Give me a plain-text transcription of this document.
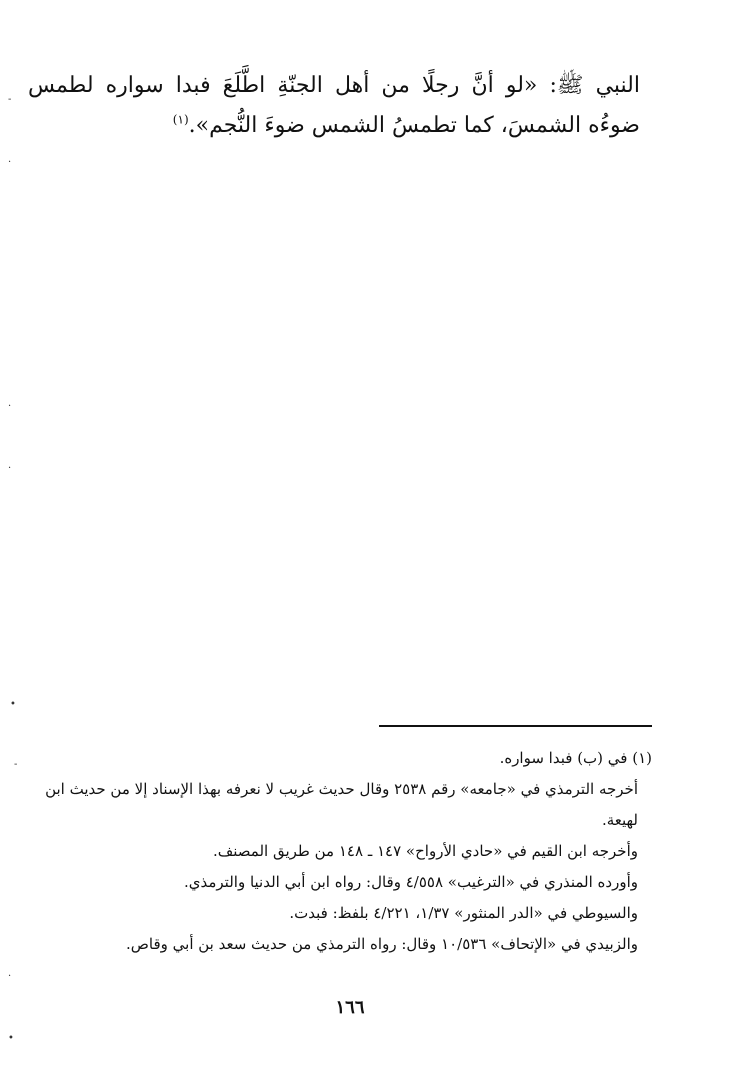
النبي ﷺ: «لو أنَّ رجلًا من أهل الجنّةِ اطَّلَعَ فبدا سواره لطمس ضوءُه الشمسَ، كما تطمسُ الشمس ضوءَ النُّجم».$^{(١)}$

(١) في (ب) فبدا سواره.
أخرجه الترمذي في «جامعه» رقم ٢٥٣٨ وقال حديث غريب لا نعرفه بهذا الإسناد إلا من حديث ابن
لهيعة.
وأخرجه ابن القيم في «حادي الأرواح» ١٤٧ ـ ١٤٨ من طريق المصنف.
وأورده المنذري في «الترغيب» ٤/٥٥٨ وقال: رواه ابن أبي الدنيا والترمذي.
والسيوطي في «الدر المنثور» ١/٣٧، ٤/٢٢١ بلفظ: فبدت.
والزبيدي في «الإتحاف» ١٠/٥٣٦ وقال: رواه الترمذي من حديث سعد بن أبي وقاص.
١٦٦
-
·
·
·
•
-
·
•
